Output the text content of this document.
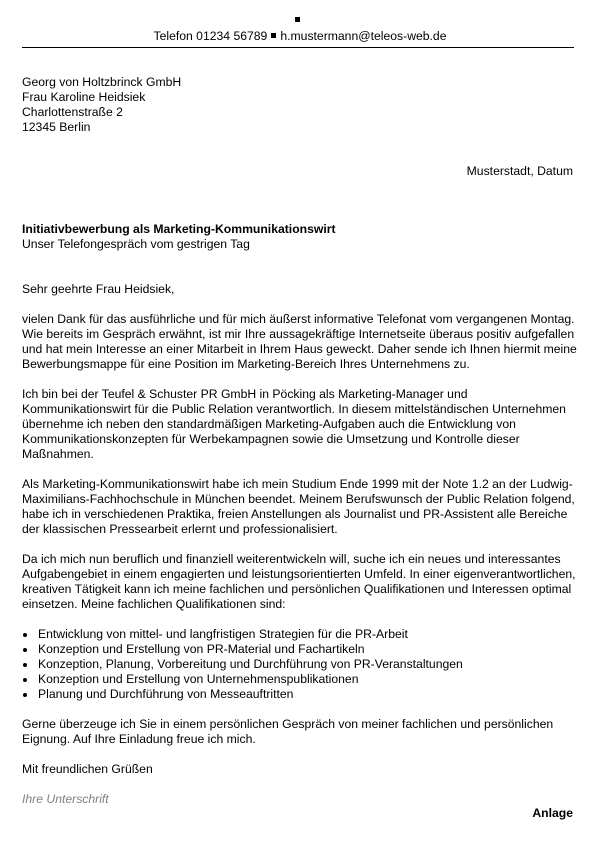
Telefon 01234 56789 h.mustermann@teleos-web.de
Georg von Holtzbrinck GmbH
Frau Karoline Heidsiek
Charlottenstraße 2
12345 Berlin
Musterstadt, Datum
Initiativbewerbung als Marketing-Kommunikationswirt
Unser Telefongespräch vom gestrigen Tag

Sehr geehrte Frau Heidsiek,

vielen Dank für das ausführliche und für mich äußerst informative Telefonat vom vergangenen Montag. Wie bereits im Gespräch erwähnt, ist mir Ihre aussagekräftige Internetseite überaus positiv aufgefallen und hat mein Interesse an einer Mitarbeit in Ihrem Haus geweckt. Daher sende ich Ihnen hiermit meine Bewerbungsmappe für eine Position im Marketing-Bereich Ihres Unternehmens zu.

Ich bin bei der Teufel & Schuster PR GmbH in Pöcking als Marketing-Manager und Kommunikationswirt für die Public Relation verantwortlich. In diesem mittelständischen Unternehmen übernehme ich neben den standardmäßigen Marketing-Aufgaben auch die Entwicklung von Kommunikationskonzepten für Werbekampagnen sowie die Umsetzung und Kontrolle dieser Maßnahmen.

Als Marketing-Kommunikationswirt habe ich mein Studium Ende 1999 mit der Note 1.2 an der Ludwig-Maximilians-Fachhochschule in München beendet. Meinem Berufswunsch der Public Relation folgend, habe ich in verschiedenen Praktika, freien Anstellungen als Journalist und PR-Assistent alle Bereiche der klassischen Pressearbeit erlernt und professionalisiert.

Da ich mich nun beruflich und finanziell weiterentwickeln will, suche ich ein neues und interessantes Aufgabengebiet in einem engagierten und leistungsorientierten Umfeld. In einer eigenverantwortlichen, kreativen Tätigkeit kann ich meine fachlichen und persönlichen Qualifikationen und Interessen optimal einsetzen. Meine fachlichen Qualifikationen sind:

Entwicklung von mittel- und langfristigen Strategien für die PR-Arbeit
Konzeption und Erstellung von PR-Material und Fachartikeln
Konzeption, Planung, Vorbereitung und Durchführung von PR-Veranstaltungen
Konzeption und Erstellung von Unternehmenspublikationen
Planung und Durchführung von Messeauftritten

Gerne überzeuge ich Sie in einem persönlichen Gespräch von meiner fachlichen und persönlichen Eignung. Auf Ihre Einladung freue ich mich.

Mit freundlichen Grüßen

Ihre Unterschrift
Anlage
